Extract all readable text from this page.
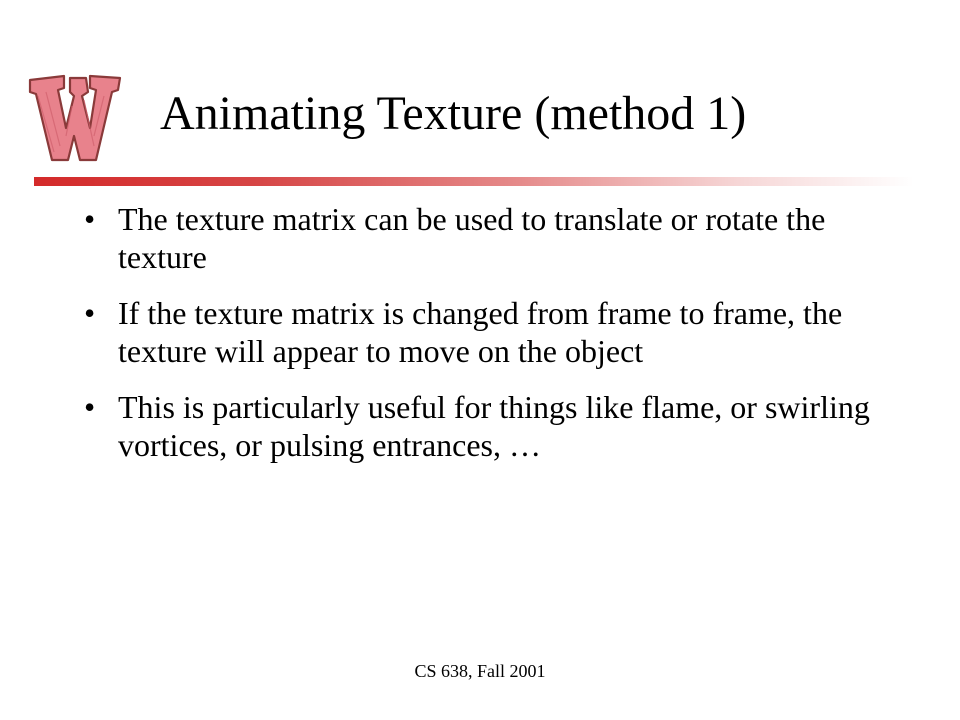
Animating Texture (method 1)
• The texture matrix can be used to translate or rotate the texture
• If the texture matrix is changed from frame to frame, the texture will appear to move on the object
• This is particularly useful for things like flame, or swirling vortices, or pulsing entrances, …
CS 638, Fall 2001
